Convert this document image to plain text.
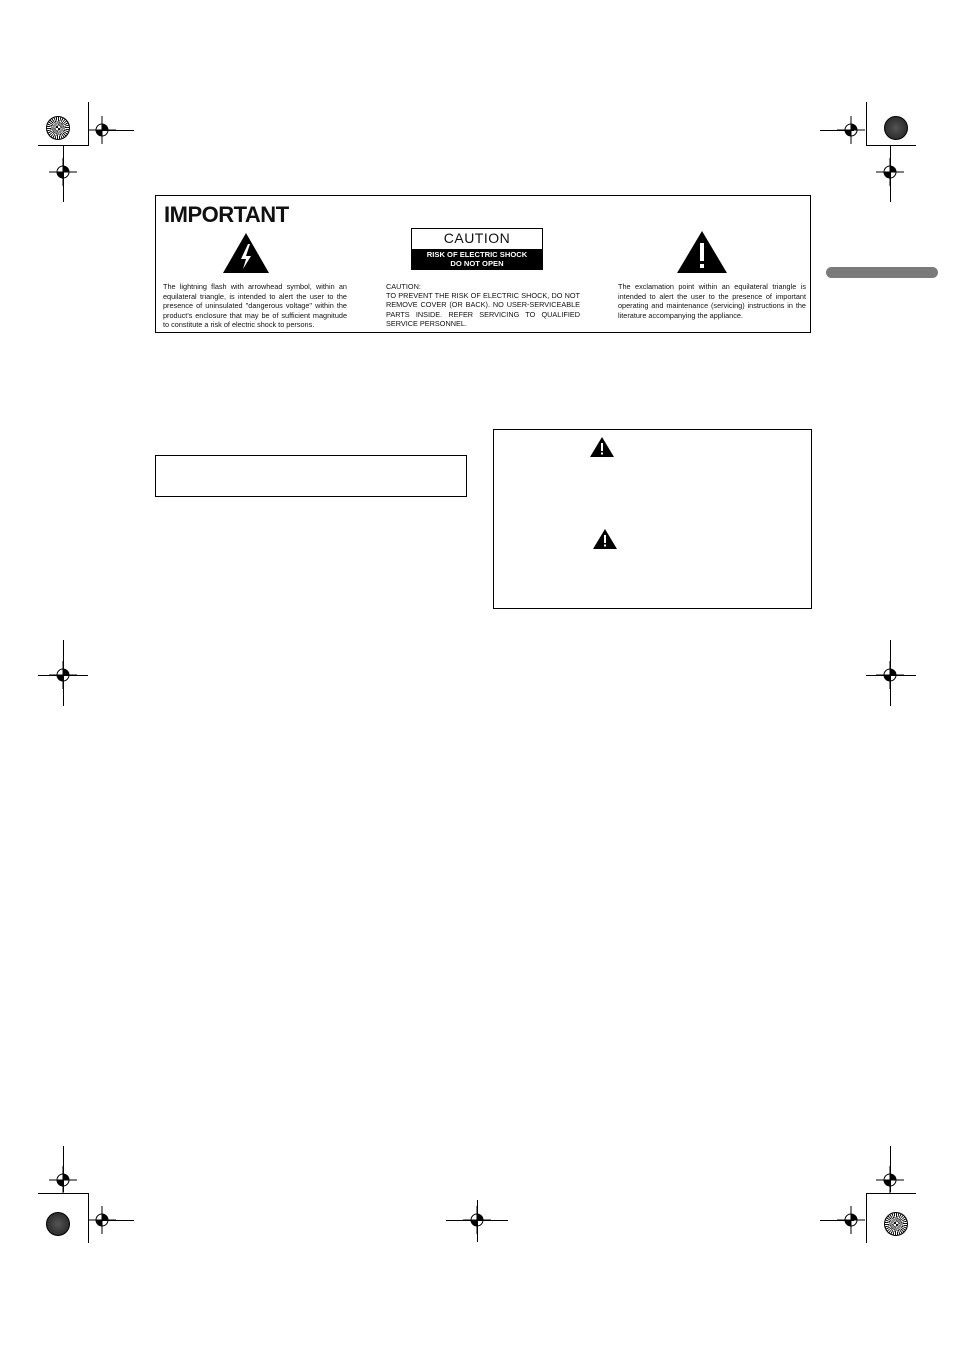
IMPORTANT
The lightning flash with arrowhead symbol, within an equilateral triangle, is intended to alert the user to the presence of uninsulated "dangerous voltage" within the product's enclosure that may be of sufficient magnitude to constitute a risk of electric shock to persons.
CAUTION
RISK OF ELECTRIC SHOCK
DO NOT OPEN
CAUTION:
TO PREVENT THE RISK OF ELECTRIC SHOCK, DO NOT REMOVE COVER (OR BACK). NO USER-SERVICEABLE PARTS INSIDE. REFER SERVICING TO QUALIFIED SERVICE PERSONNEL.
The exclamation point within an equilateral triangle is intended to alert the user to the presence of important operating and maintenance (servicing) instructions in the literature accompanying the appliance.
